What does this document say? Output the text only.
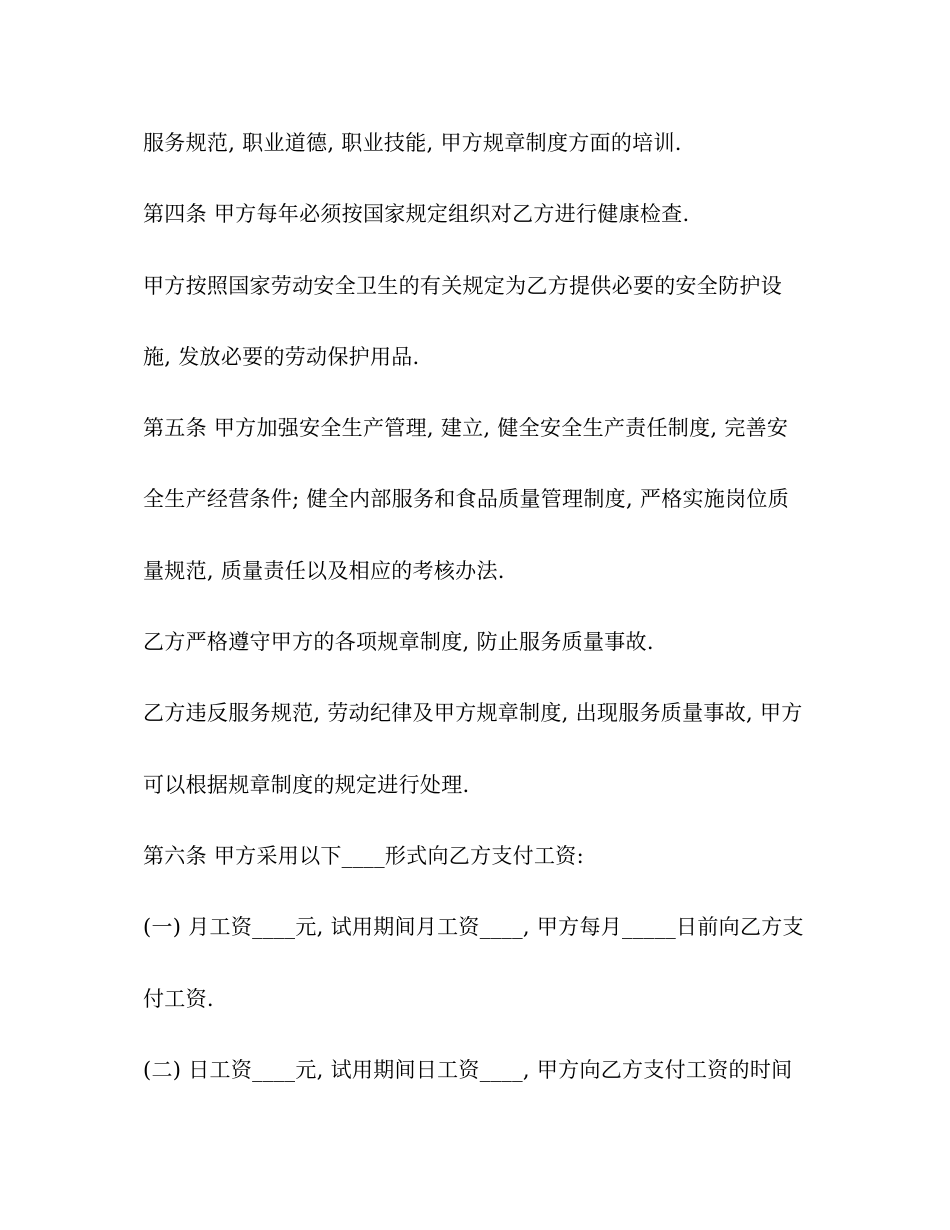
服务规范, 职业道德, 职业技能, 甲方规章制度方面的培训.
第四条 甲方每年必须按国家规定组织对乙方进行健康检查.
甲方按照国家劳动安全卫生的有关规定为乙方提供必要的安全防护设
施, 发放必要的劳动保护用品.
第五条 甲方加强安全生产管理, 建立, 健全安全生产责任制度, 完善安
全生产经营条件; 健全内部服务和食品质量管理制度, 严格实施岗位质
量规范, 质量责任以及相应的考核办法.
乙方严格遵守甲方的各项规章制度, 防止服务质量事故.
乙方违反服务规范, 劳动纪律及甲方规章制度, 出现服务质量事故, 甲方
可以根据规章制度的规定进行处理.
第六条 甲方采用以下____形式向乙方支付工资:
(一) 月工资____元, 试用期间月工资____, 甲方每月_____日前向乙方支
付工资.
(二) 日工资____元, 试用期间日工资____, 甲方向乙方支付工资的时间
